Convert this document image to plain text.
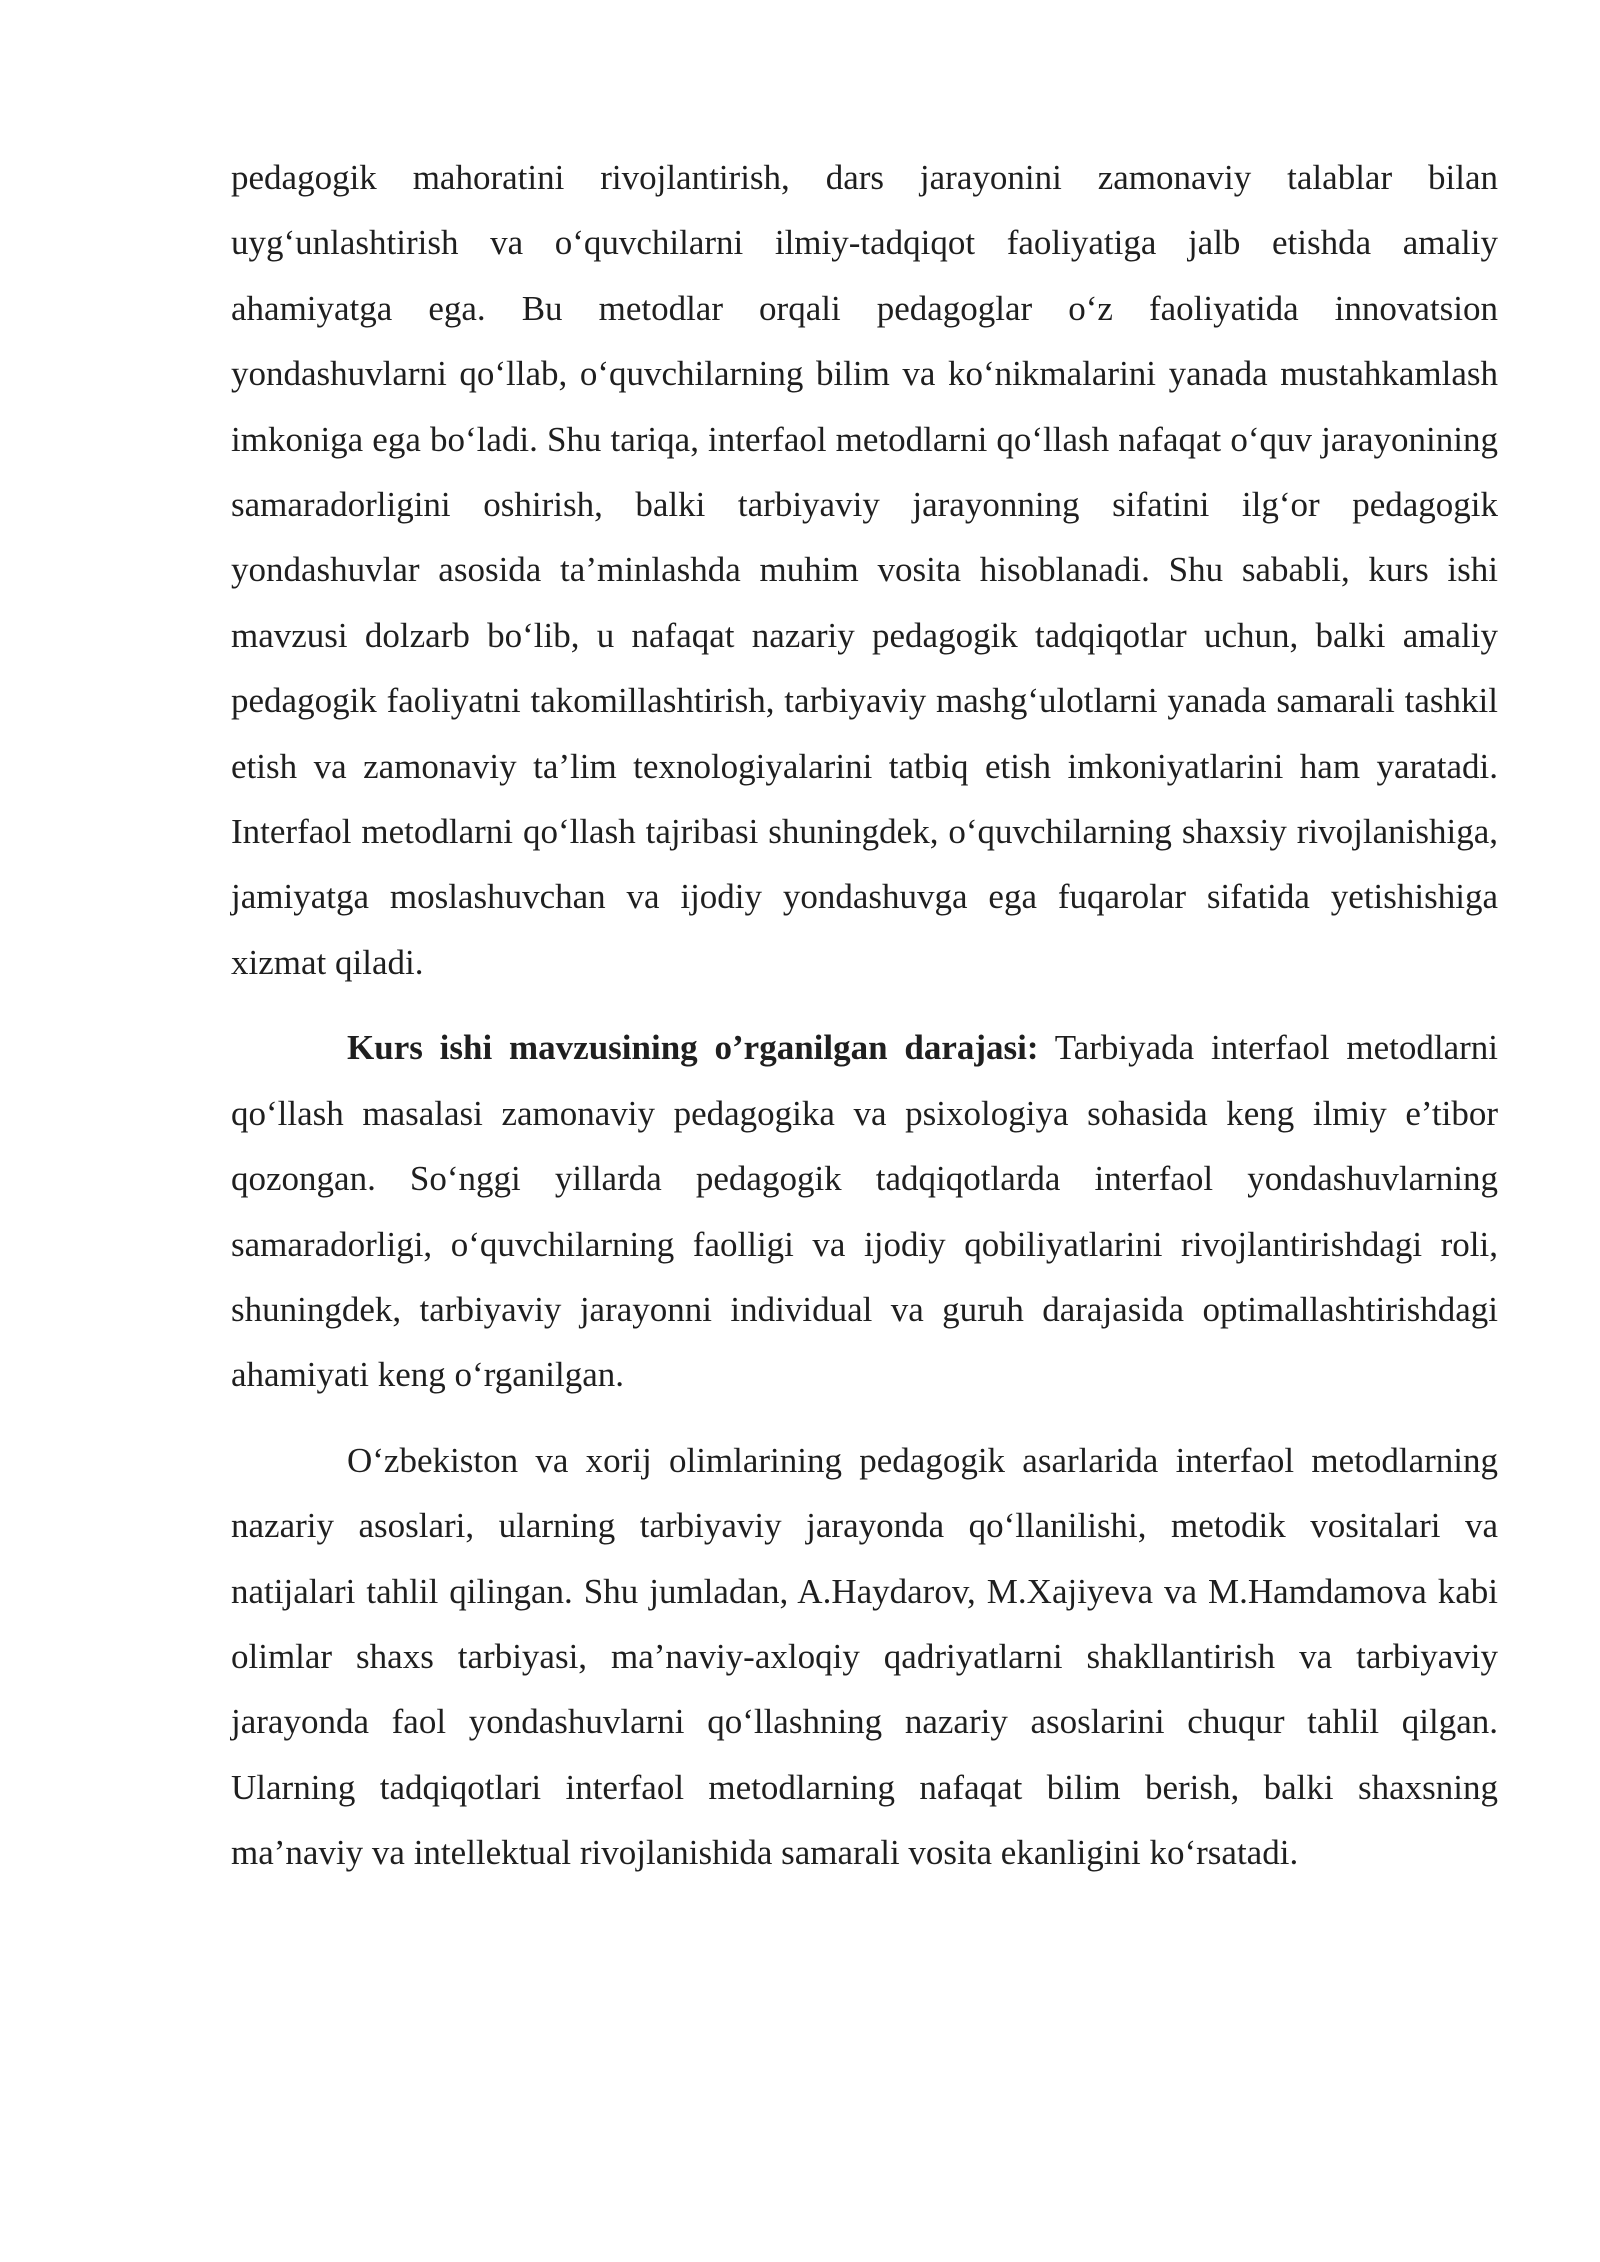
pedagogik mahoratini rivojlantirish, dars jarayonini zamonaviy talablar bilan uyg‘unlashtirish va o‘quvchilarni ilmiy-tadqiqot faoliyatiga jalb etishda amaliy ahamiyatga ega. Bu metodlar orqali pedagoglar o‘z faoliyatida innovatsion yondashuvlarni qo‘llab, o‘quvchilarning bilim va ko‘nikmalarini yanada mustahkamlash imkoniga ega bo‘ladi. Shu tariqa, interfaol metodlarni qo‘llash nafaqat o‘quv jarayonining samaradorligini oshirish, balki tarbiyaviy jarayonning sifatini ilg‘or pedagogik yondashuvlar asosida ta’minlashda muhim vosita hisoblanadi. Shu sababli, kurs ishi mavzusi dolzarb bo‘lib, u nafaqat nazariy pedagogik tadqiqotlar uchun, balki amaliy pedagogik faoliyatni takomillashtirish, tarbiyaviy mashg‘ulotlarni yanada samarali tashkil etish va zamonaviy ta’lim texnologiyalarini tatbiq etish imkoniyatlarini ham yaratadi. Interfaol metodlarni qo‘llash tajribasi shuningdek, o‘quvchilarning shaxsiy rivojlanishiga, jamiyatga moslashuvchan va ijodiy yondashuvga ega fuqarolar sifatida yetishishiga xizmat qiladi.

Kurs ishi mavzusining o’rganilgan darajasi: Tarbiyada interfaol metodlarni qo‘llash masalasi zamonaviy pedagogika va psixologiya sohasida keng ilmiy e’tibor qozongan. So‘nggi yillarda pedagogik tadqiqotlarda interfaol yondashuvlarning samaradorligi, o‘quvchilarning faolligi va ijodiy qobiliyatlarini rivojlantirishdagi roli, shuningdek, tarbiyaviy jarayonni individual va guruh darajasida optimallashtirishdagi ahamiyati keng o‘rganilgan.

O‘zbekiston va xorij olimlarining pedagogik asarlarida interfaol metodlarning nazariy asoslari, ularning tarbiyaviy jarayonda qo‘llanilishi, metodik vositalari va natijalari tahlil qilingan. Shu jumladan, A.Haydarov, M.Xajiyeva va M.Hamdamova kabi olimlar shaxs tarbiyasi, ma’naviy-axloqiy qadriyatlarni shakllantirish va tarbiyaviy jarayonda faol yondashuvlarni qo‘llashning nazariy asoslarini chuqur tahlil qilgan. Ularning tadqiqotlari interfaol metodlarning nafaqat bilim berish, balki shaxsning ma’naviy va intellektual rivojlanishida samarali vosita ekanligini ko‘rsatadi.
